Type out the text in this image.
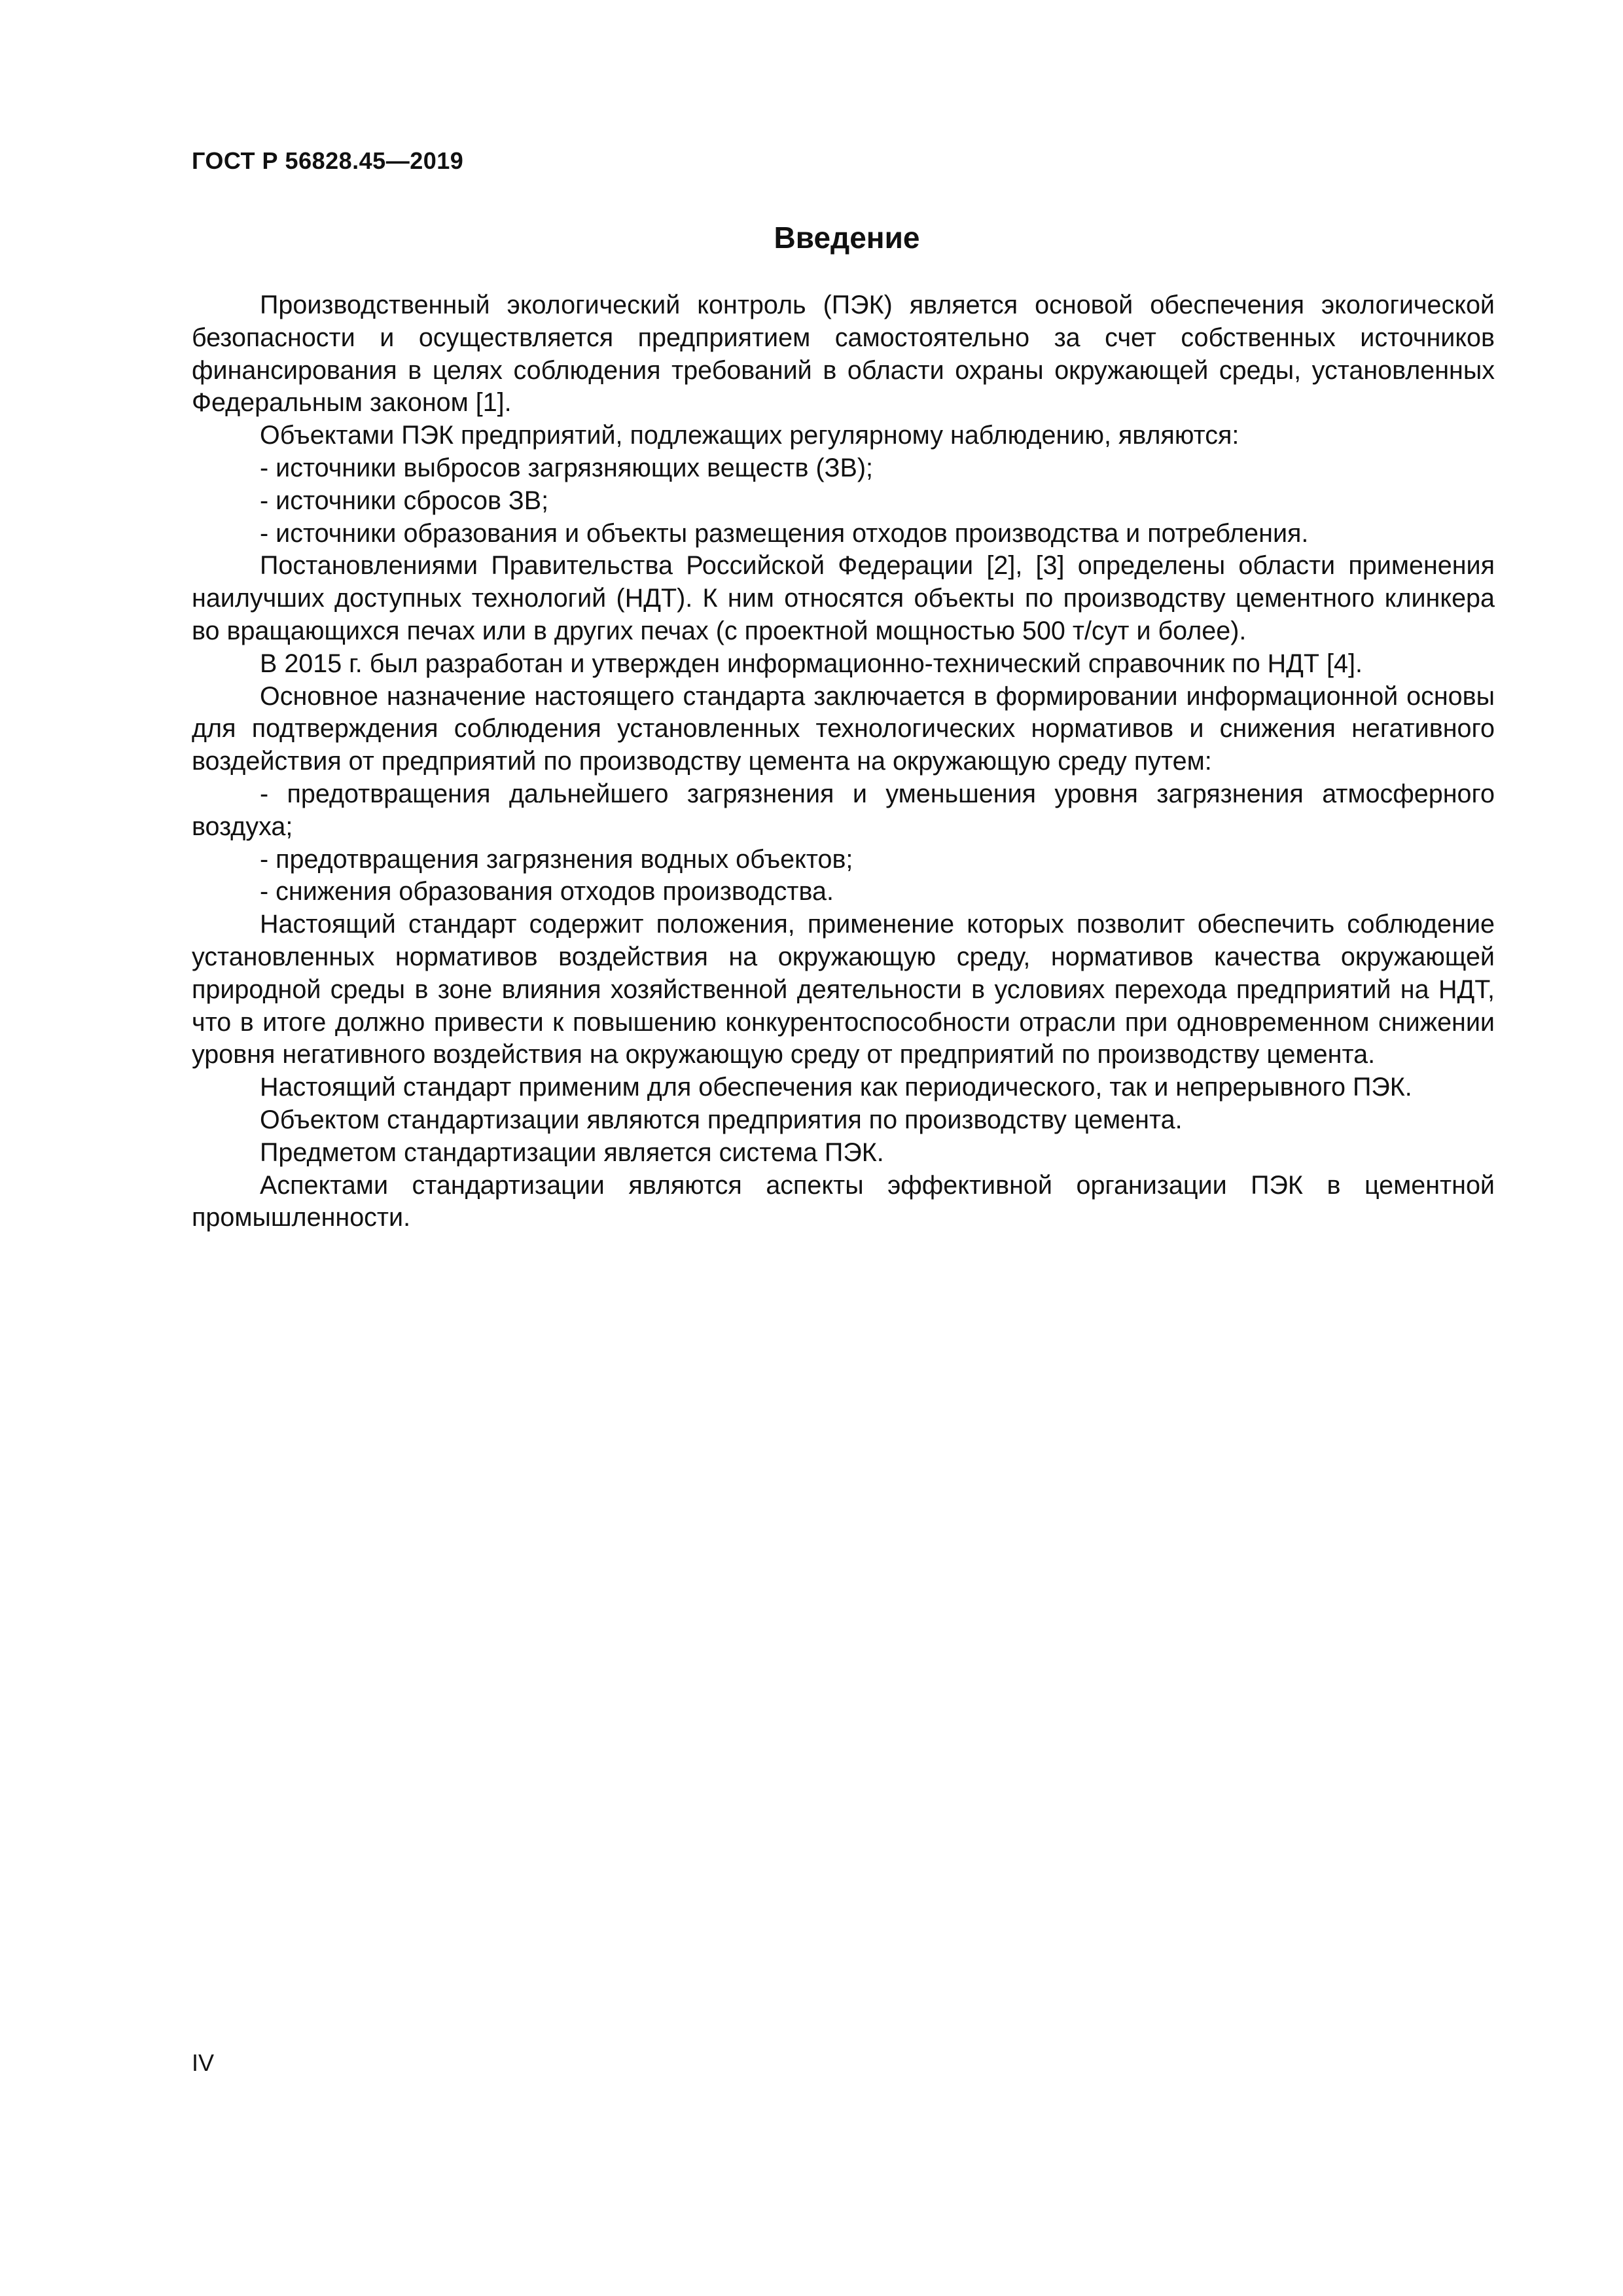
ГОСТ Р 56828.45—2019
Введение

Производственный экологический контроль (ПЭК) является основой обеспечения экологической безопасности и осуществляется предприятием самостоятельно за счет собственных источников финансирования в целях соблюдения требований в области охраны окружающей среды, установленных Федеральным законом [1].

Объектами ПЭК предприятий, подлежащих регулярному наблюдению, являются:

- источники выбросов загрязняющих веществ (ЗВ);

- источники сбросов ЗВ;

- источники образования и объекты размещения отходов производства и потребления.

Постановлениями Правительства Российской Федерации [2], [3] определены области применения наилучших доступных технологий (НДТ). К ним относятся объекты по производству цементного клинкера во вращающихся печах или в других печах (с проектной мощностью 500 т/сут и более).

В 2015 г. был разработан и утвержден информационно-технический справочник по НДТ [4].

Основное назначение настоящего стандарта заключается в формировании информационной основы для подтверждения соблюдения установленных технологических нормативов и снижения негативного воздействия от предприятий по производству цемента на окружающую среду путем:

- предотвращения дальнейшего загрязнения и уменьшения уровня загрязнения атмосферного воздуха;

- предотвращения загрязнения водных объектов;

- снижения образования отходов производства.

Настоящий стандарт содержит положения, применение которых позволит обеспечить соблюдение установленных нормативов воздействия на окружающую среду, нормативов качества окружающей природной среды в зоне влияния хозяйственной деятельности в условиях перехода предприятий на НДТ, что в итоге должно привести к повышению конкурентоспособности отрасли при одновременном снижении уровня негативного воздействия на окружающую среду от предприятий по производству цемента.

Настоящий стандарт применим для обеспечения как периодического, так и непрерывного ПЭК.

Объектом стандартизации являются предприятия по производству цемента.

Предметом стандартизации является система ПЭК.

Аспектами стандартизации являются аспекты эффективной организации ПЭК в цементной промышленности.

IV
